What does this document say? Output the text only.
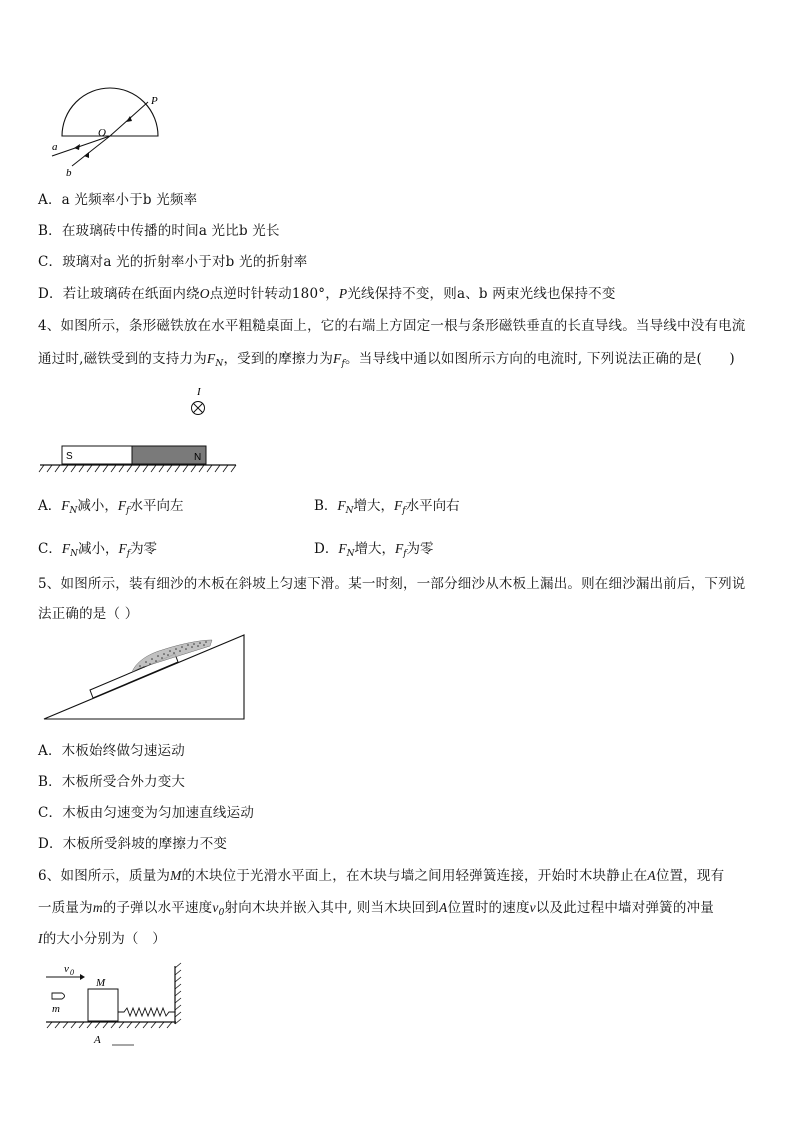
P
O
a
b
A．a 光频率小于b 光频率
B．在玻璃砖中传播的时间a 光比b 光长
C．玻璃对a 光的折射率小于对b 光的折射率
D．若让玻璃砖在纸面内绕O点逆时针转动180°，P光线保持不变，则a、b 两束光线也保持不变
4、如图所示，条形磁铁放在水平粗糙桌面上，它的右端上方固定一根与条形磁铁垂直的长直导线。当导线中没有电流
通过时,磁铁受到的支持力为$F_N$，受到的摩擦力为$F_f$。当导线中通以如图所示方向的电流时, 下列说法正确的是(　　)
I
S	N
A．$F_N$减小，$F_f$水平向左	B．$F_N$增大，$F_f$水平向右
C．$F_N$减小，$F_f$为零	D．$F_N$增大，$F_f$为零
5、如图所示，装有细沙的木板在斜坡上匀速下滑。某一时刻，一部分细沙从木板上漏出。则在细沙漏出前后，下列说
法正确的是（ ）
A．木板始终做匀速运动
B．木板所受合外力变大
C．木板由匀速变为匀加速直线运动
D．木板所受斜坡的摩擦力不变
6、如图所示，质量为M的木块位于光滑水平面上，在木块与墙之间用轻弹簧连接，开始时木块静止在A位置，现有
一质量为m的子弹以水平速度$v_0$射向木块并嵌入其中, 则当木块回到A位置时的速度v以及此过程中墙对弹簧的冲量
I的大小分别为（　）
v 0
m
M
A
